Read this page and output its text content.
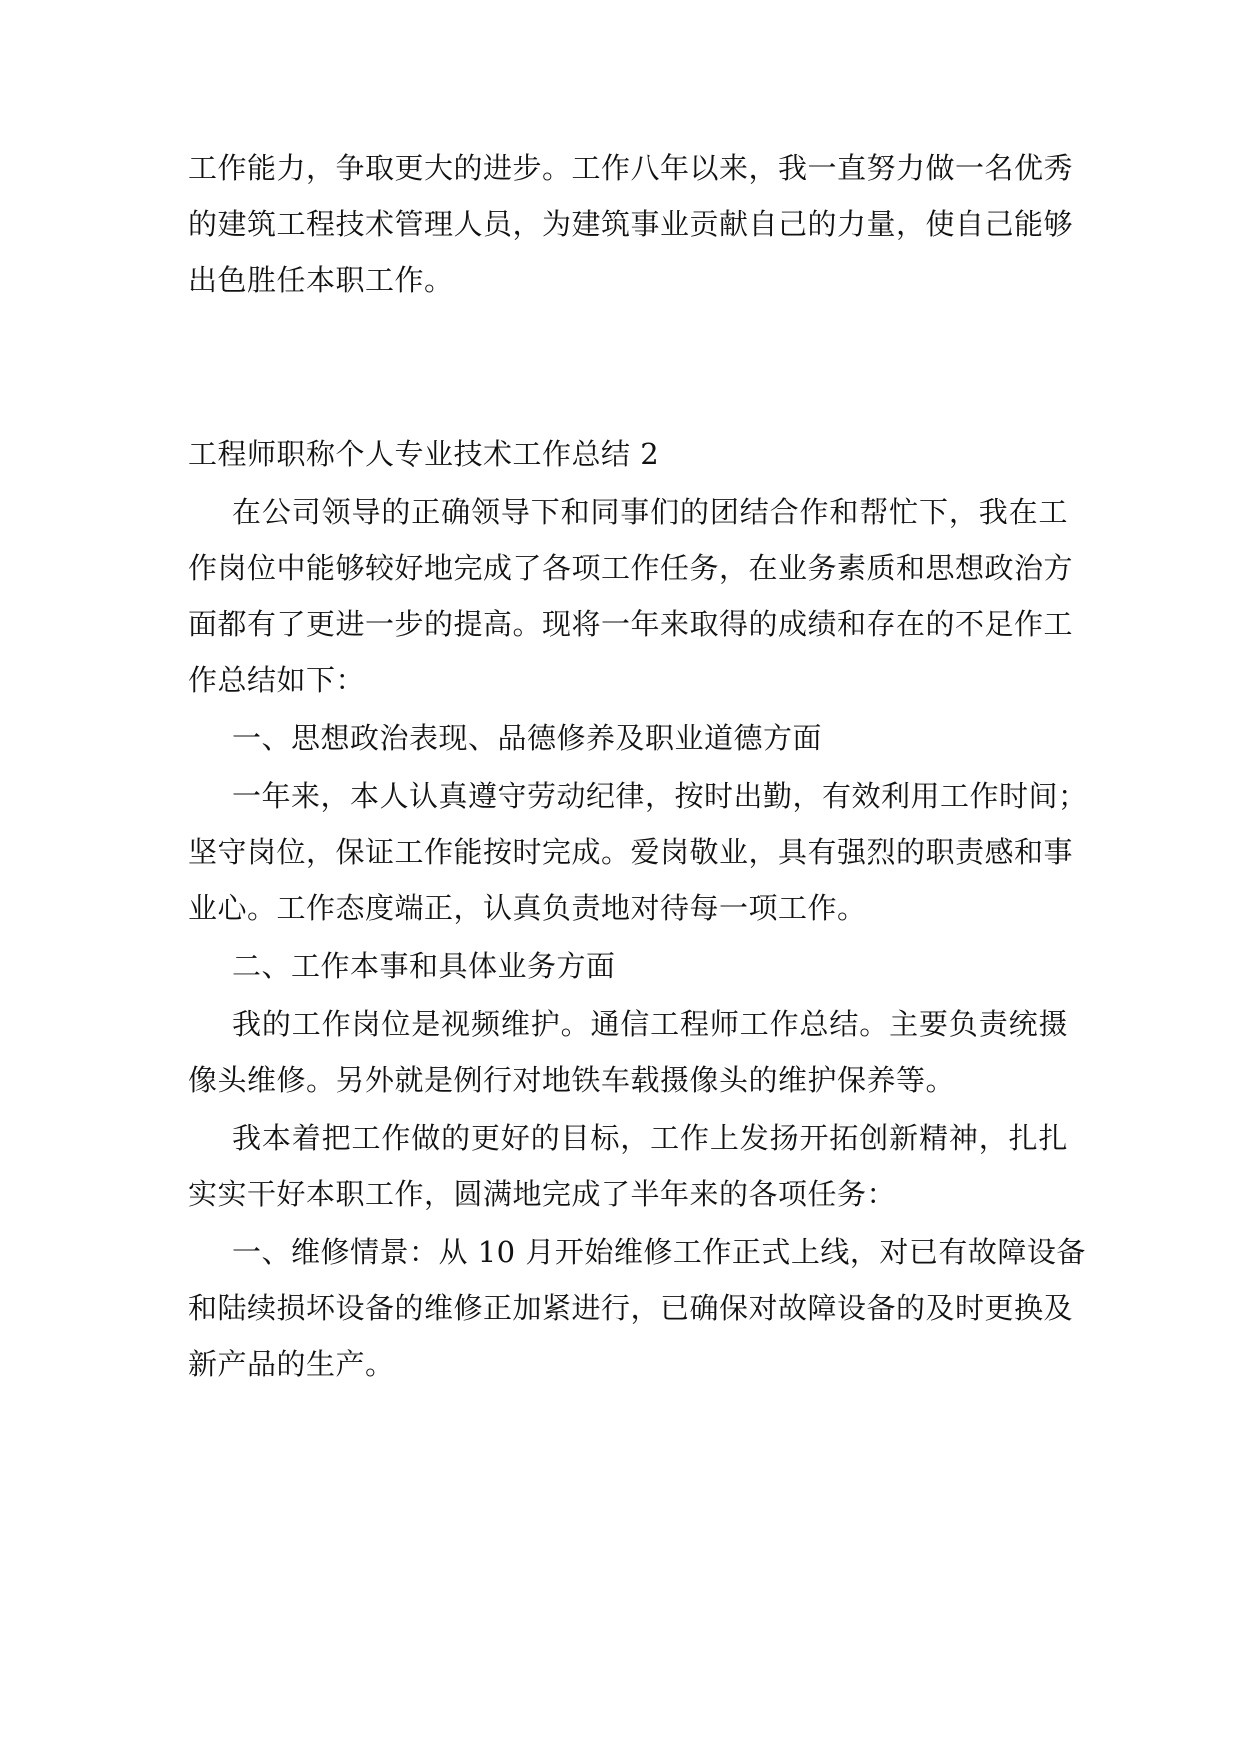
工作能力，争取更大的进步。工作八年以来，我一直努力做一名优秀
的建筑工程技术管理人员，为建筑事业贡献自己的力量，使自己能够
出色胜任本职工作。
工程师职称个人专业技术工作总结 2
在公司领导的正确领导下和同事们的团结合作和帮忙下，我在工
作岗位中能够较好地完成了各项工作任务，在业务素质和思想政治方
面都有了更进一步的提高。现将一年来取得的成绩和存在的不足作工
作总结如下：
一、思想政治表现、品德修养及职业道德方面
一年来，本人认真遵守劳动纪律，按时出勤，有效利用工作时间；
坚守岗位，保证工作能按时完成。爱岗敬业，具有强烈的职责感和事
业心。工作态度端正，认真负责地对待每一项工作。
二、工作本事和具体业务方面
我的工作岗位是视频维护。通信工程师工作总结。主要负责统摄
像头维修。另外就是例行对地铁车载摄像头的维护保养等。
我本着把工作做的更好的目标，工作上发扬开拓创新精神，扎扎
实实干好本职工作，圆满地完成了半年来的各项任务：
一、维修情景：从 10 月开始维修工作正式上线，对已有故障设备
和陆续损坏设备的维修正加紧进行，已确保对故障设备的及时更换及
新产品的生产。
